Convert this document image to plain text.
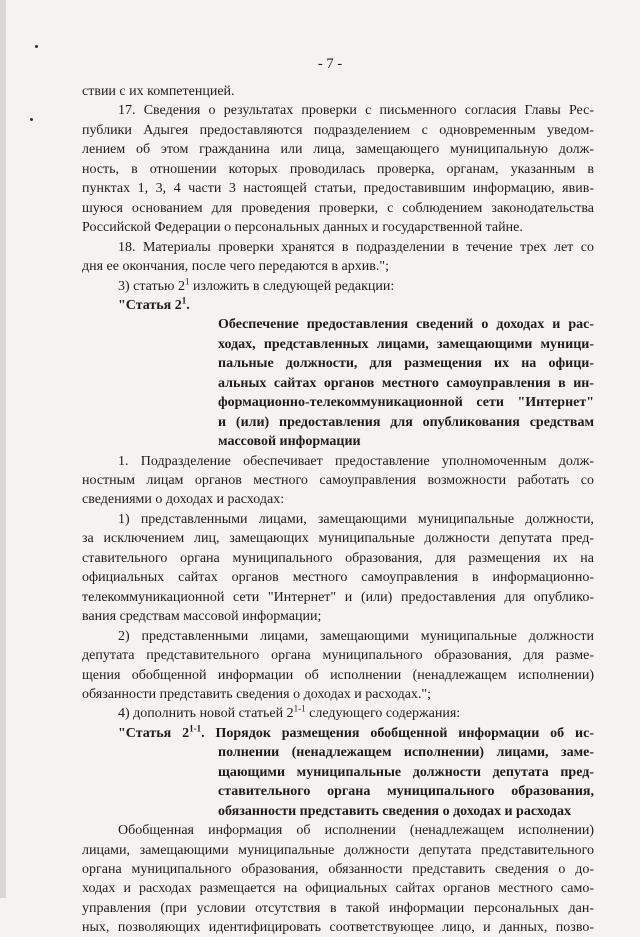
- 7 -
ствии с их компетенцией.
17. Сведения о результатах проверки с письменного согласия Главы Рес-
публики Адыгея предоставляются подразделением с одновременным уведом-
лением об этом гражданина или лица, замещающего муниципальную долж-
ность, в отношении которых проводилась проверка, органам, указанным в
пунктах 1, 3, 4 части 3 настоящей статьи, предоставившим информацию, явив-
шуюся основанием для проведения проверки, с соблюдением законодательства
Российской Федерации о персональных данных и государственной тайне.
18. Материалы проверки хранятся в подразделении в течение трех лет со
дня ее окончания, после чего передаются в архив.";
3) статью $2^1$ изложить в следующей редакции:
"Статья $2^1$.
Обеспечение предоставления сведений о доходах и рас-
ходах, представленных лицами, замещающими муници-
пальные должности, для размещения их на офици-
альных сайтах органов местного самоуправления в ин-
формационно-телекоммуникационной сети "Интернет"
и (или) предоставления для опубликования средствам
массовой информации
1. Подразделение обеспечивает предоставление уполномоченным долж-
ностным лицам органов местного самоуправления возможности работать со
сведениями о доходах и расходах:
1) представленными лицами, замещающими муниципальные должности,
за исключением лиц, замещающих муниципальные должности депутата пред-
ставительного органа муниципального образования, для размещения их на
официальных сайтах органов местного самоуправления в информационно-
телекоммуникационной сети "Интернет" и (или) предоставления для опублико-
вания средствам массовой информации;
2) представленными лицами, замещающими муниципальные должности
депутата представительного органа муниципального образования, для разме-
щения обобщенной информации об исполнении (ненадлежащем исполнении)
обязанности представить сведения о доходах и расходах.";
4) дополнить новой статьей 2$^{1-1}$ следующего содержания:
"Статья 2$^{1-1}$. Порядок размещения обобщенной информации об ис-
полнении (ненадлежащем исполнении) лицами, заме-
щающими муниципальные должности депутата пред-
ставительного органа муниципального образования,
обязанности представить сведения о доходах и расходах
Обобщенная информация об исполнении (ненадлежащем исполнении)
лицами, замещающими муниципальные должности депутата представительного
органа муниципального образования, обязанности представить сведения о до-
ходах и расходах размещается на официальных сайтах органов местного само-
управления (при условии отсутствия в такой информации персональных дан-
ных, позволяющих идентифицировать соответствующее лицо, и данных, позво-
